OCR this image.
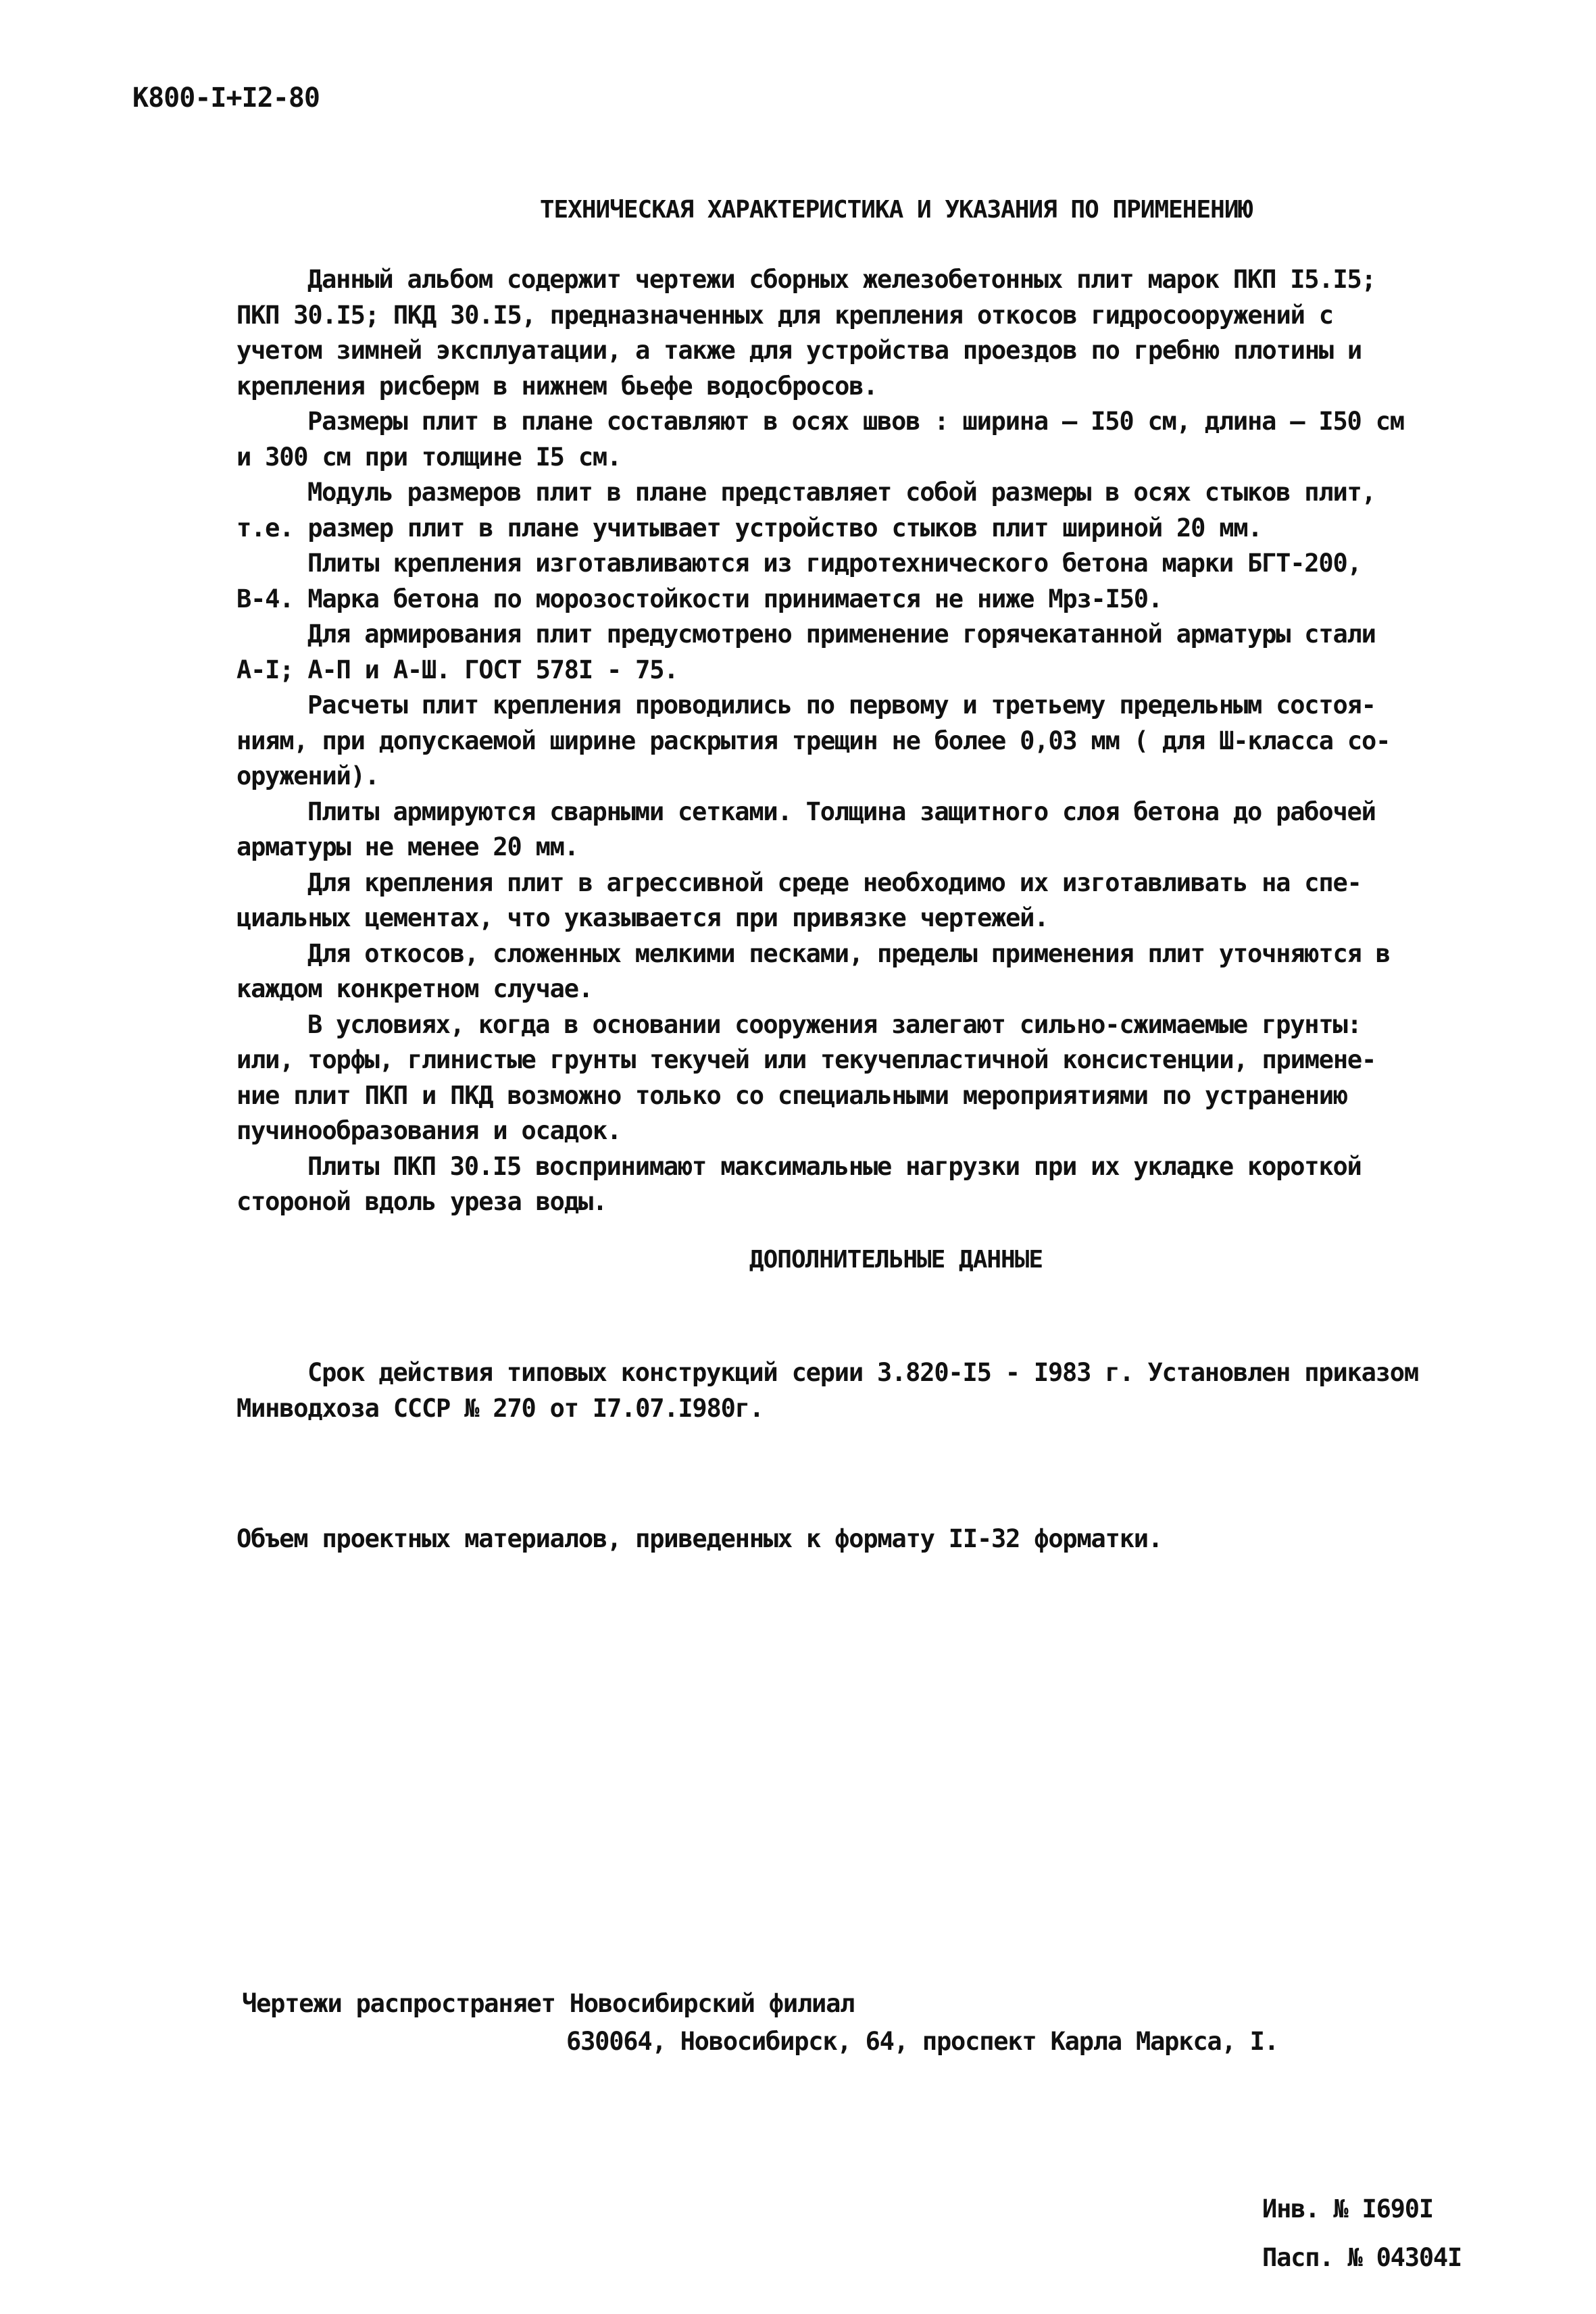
К800-I+I2-80
ТЕХНИЧЕСКАЯ ХАРАКТЕРИСТИКА И УКАЗАНИЯ ПО ПРИМЕНЕНИЮ

Данный альбом содержит чертежи сборных железобетонных плит марок ПКП I5.I5;
ПКП 30.I5; ПКД 30.I5, предназначенных для крепления откосов гидросооружений с
учетом зимней эксплуатации, а также для устройства проездов по гребню плотины и
крепления рисберм в нижнем бьефе водосбросов.

Размеры плит в плане составляют в осях швов : ширина – I50 см, длина – I50 см
и 300 см при толщине I5 см.

Модуль размеров плит в плане представляет собой размеры в осях стыков плит,
т.е. размер плит в плане учитывает устройство стыков плит шириной 20 мм.

Плиты крепления изготавливаются из гидротехнического бетона марки БГТ-200,
В-4. Марка бетона по морозостойкости принимается не ниже Мрз-I50.

Для армирования плит предусмотрено применение горячекатанной арматуры стали
А-I; А-П и А-Ш. ГОСТ 578I - 75.

Расчеты плит крепления проводились по первому и третьему предельным состоя-
ниям, при допускаемой ширине раскрытия трещин не более 0,03 мм ( для Ш-класса со-
оружений).

Плиты армируются сварными сетками. Толщина защитного слоя бетона до рабочей
арматуры не менее 20 мм.

Для крепления плит в агрессивной среде необходимо их изготавливать на спе-
циальных цементах, что указывается при привязке чертежей.

Для откосов, сложенных мелкими песками, пределы применения плит уточняются в
каждом конкретном случае.

В условиях, когда в основании сооружения залегают сильно-сжимаемые грунты:
или, торфы, глинистые грунты текучей или текучепластичной консистенции, примене-
ние плит ПКП и ПКД возможно только со специальными мероприятиями по устранению
пучинообразования и осадок.

Плиты ПКП 30.I5 воспринимают максимальные нагрузки при их укладке короткой
стороной вдоль уреза воды.

ДОПОЛНИТЕЛЬНЫЕ ДАННЫЕ

Срок действия типовых конструкций серии 3.820-I5 - I983 г. Установлен приказом
Минводхоза СССР № 270 от I7.07.I980г.

Объем проектных материалов, приведенных к формату II-32 форматки.

Чертежи распространяет Новосибирский филиал

630064, Новосибирск, 64, проспект Карла Маркса, I.

Инв. № I690I

Пасп. № 04304I
